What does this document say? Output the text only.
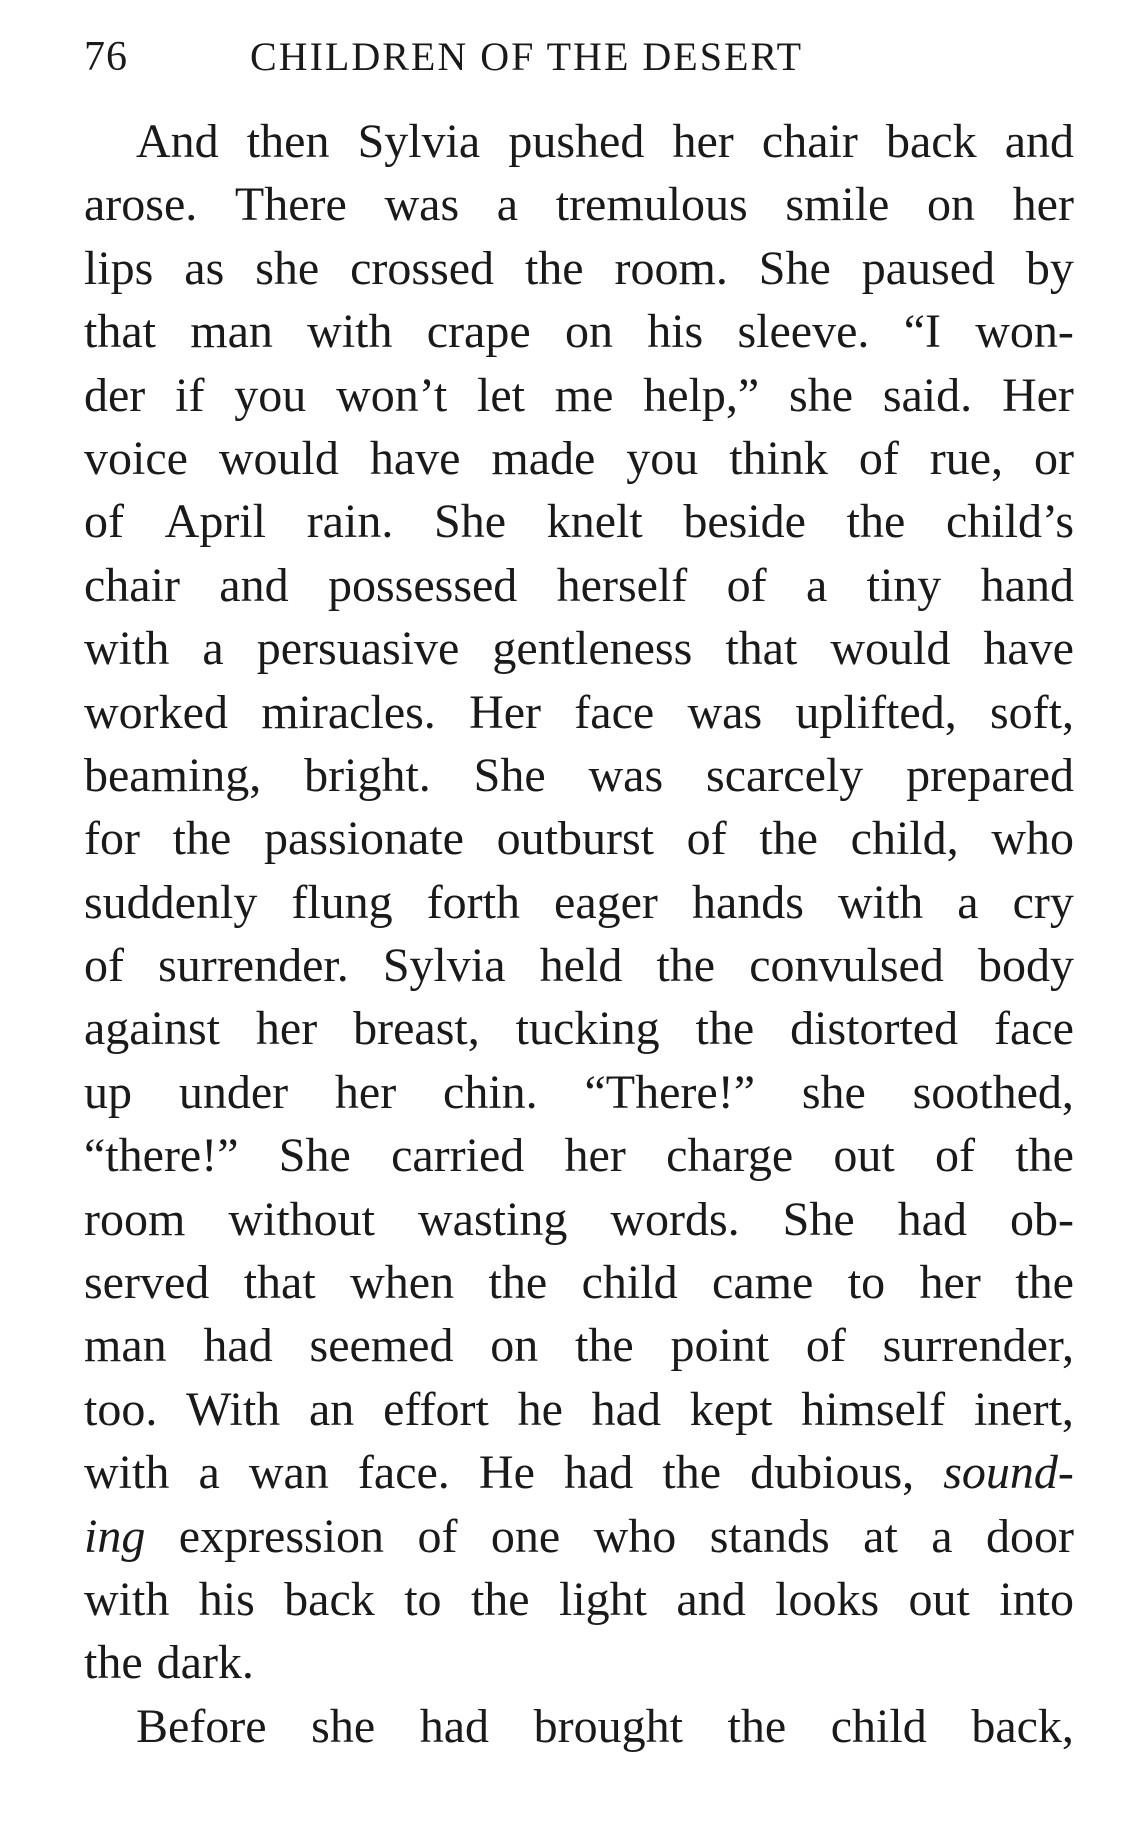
76	CHILDREN OF THE DESERT
And then Sylvia pushed her chair back and
arose. There was a tremulous smile on her
lips as she crossed the room. She paused by
that man with crape on his sleeve. “I won-
der if you won’t let me help,” she said. Her
voice would have made you think of rue, or
of April rain. She knelt beside the child’s
chair and possessed herself of a tiny hand
with a persuasive gentleness that would have
worked miracles. Her face was uplifted, soft,
beaming, bright. She was scarcely prepared
for the passionate outburst of the child, who
suddenly flung forth eager hands with a cry
of surrender. Sylvia held the convulsed body
against her breast, tucking the distorted face
up under her chin. “There!” she soothed,
“there!” She carried her charge out of the
room without wasting words. She had ob-
served that when the child came to her the
man had seemed on the point of surrender,
too. With an effort he had kept himself inert,
with a wan face. He had the dubious, sound-
ing expression of one who stands at a door
with his back to the light and looks out into
the dark.
Before she had brought the child back,
